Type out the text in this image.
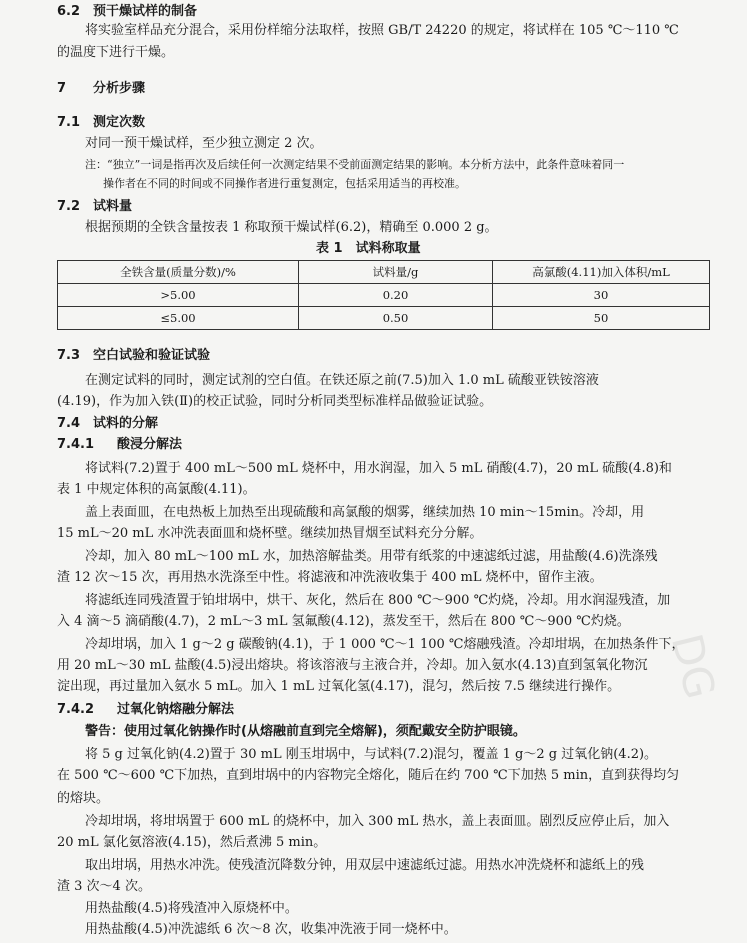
DG
6.2 预干燥试样的制备
将实验室样品充分混合，采用份样缩分法取样，按照 GB/T 24220 的规定，将试样在 105 ℃～110 ℃
的温度下进行干燥。
7 分析步骤
7.1 测定次数
对同一预干燥试样，至少独立测定 2 次。
注：“独立”一词是指再次及后续任何一次测定结果不受前面测定结果的影响。本分析方法中，此条件意味着同一
操作者在不同的时间或不同操作者进行重复测定，包括采用适当的再校准。
7.2 试料量
根据预期的全铁含量按表 1 称取预干燥试样(6.2)，精确至 0.000 2 g。
表 1　试料称取量
全铁含量(质量分数)/%	试料量/g	高氯酸(4.11)加入体积/mL
>5.00	0.20	30
≤5.00	0.50	50
7.3 空白试验和验证试验
在测定试料的同时，测定试剂的空白值。在铁还原之前(7.5)加入 1.0 mL 硫酸亚铁铵溶液
(4.19)，作为加入铁(Ⅱ)的校正试验，同时分析同类型标准样品做验证试验。
7.4 试料的分解
7.4.1 酸浸分解法
将试料(7.2)置于 400 mL～500 mL 烧杯中，用水润湿，加入 5 mL 硝酸(4.7)，20 mL 硫酸(4.8)和
表 1 中规定体积的高氯酸(4.11)。
盖上表面皿，在电热板上加热至出现硫酸和高氯酸的烟雾，继续加热 10 min～15min。冷却，用
15 mL～20 mL 水冲洗表面皿和烧杯壁。继续加热冒烟至试料充分分解。
冷却，加入 80 mL～100 mL 水，加热溶解盐类。用带有纸浆的中速滤纸过滤，用盐酸(4.6)洗涤残
渣 12 次～15 次，再用热水洗涤至中性。将滤液和冲洗液收集于 400 mL 烧杯中，留作主液。
将滤纸连同残渣置于铂坩埚中，烘干、灰化，然后在 800 ℃～900 ℃灼烧，冷却。用水润湿残渣，加
入 4 滴～5 滴硝酸(4.7)，2 mL～3 mL 氢氟酸(4.12)，蒸发至干，然后在 800 ℃～900 ℃灼烧。
冷却坩埚，加入 1 g～2 g 碳酸钠(4.1)，于 1 000 ℃～1 100 ℃熔融残渣。冷却坩埚，在加热条件下，
用 20 mL～30 mL 盐酸(4.5)浸出熔块。将该溶液与主液合并，冷却。加入氨水(4.13)直到氢氧化物沉
淀出现，再过量加入氨水 5 mL。加入 1 mL 过氧化氢(4.17)，混匀，然后按 7.5 继续进行操作。
7.4.2 过氧化钠熔融分解法
警告：使用过氧化钠操作时(从熔融前直到完全熔解)，须配戴安全防护眼镜。
将 5 g 过氧化钠(4.2)置于 30 mL 刚玉坩埚中，与试料(7.2)混匀，覆盖 1 g～2 g 过氧化钠(4.2)。
在 500 ℃～600 ℃下加热，直到坩埚中的内容物完全熔化，随后在约 700 ℃下加热 5 min，直到获得均匀
的熔块。
冷却坩埚，将坩埚置于 600 mL 的烧杯中，加入 300 mL 热水，盖上表面皿。剧烈反应停止后，加入
20 mL 氯化氨溶液(4.15)，然后煮沸 5 min。
取出坩埚，用热水冲洗。使残渣沉降数分钟，用双层中速滤纸过滤。用热水冲洗烧杯和滤纸上的残
渣 3 次～4 次。
用热盐酸(4.5)将残渣冲入原烧杯中。
用热盐酸(4.5)冲洗滤纸 6 次～8 次，收集冲洗液于同一烧杯中。
